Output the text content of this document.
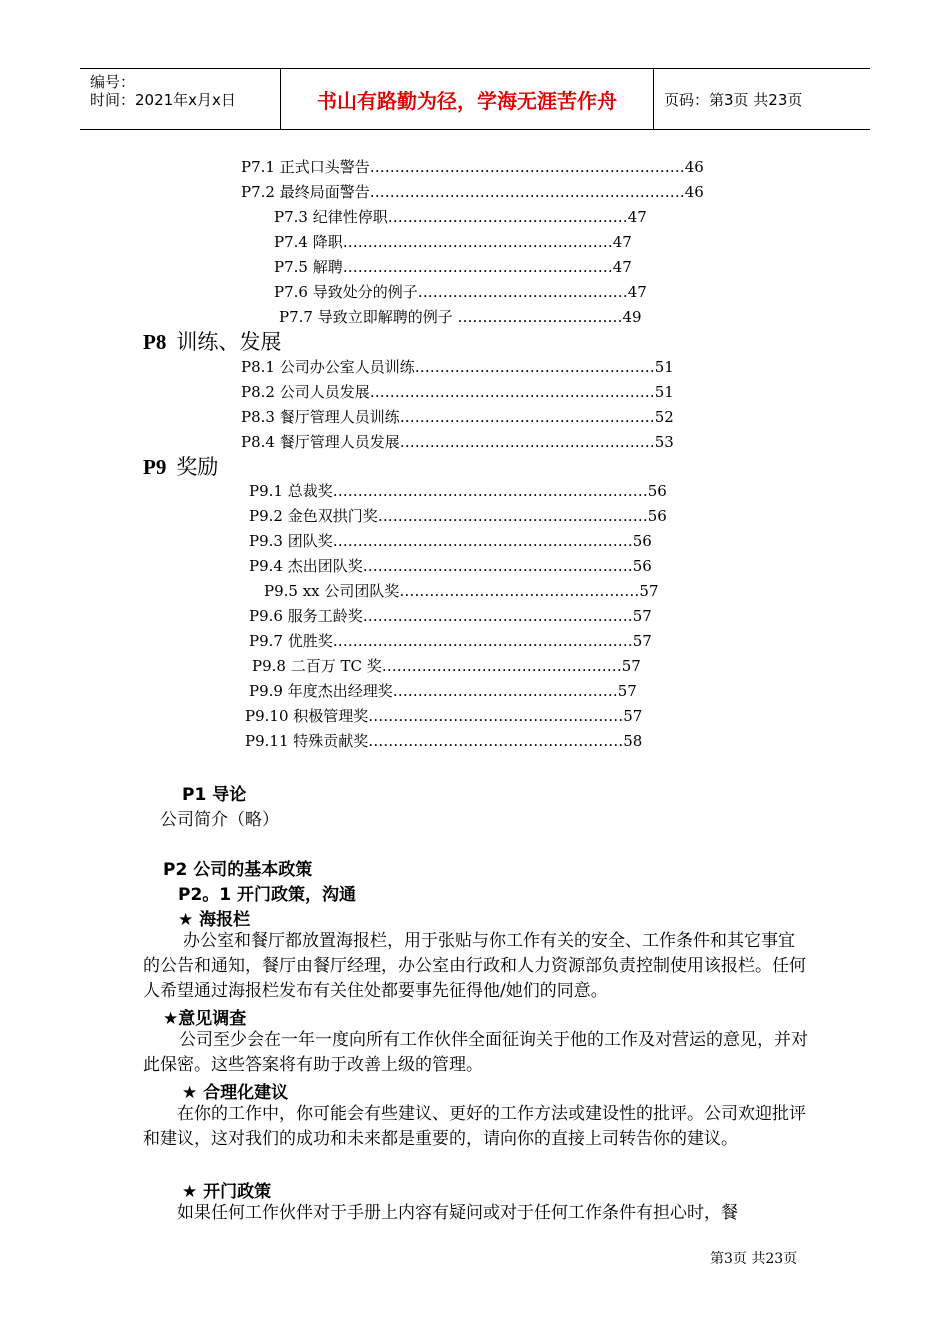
编号：
时间：2021年x月x日	书山有路勤为径，学海无涯苦作舟	页码：第3页 共23页
P7.1 正式口头警告………………………………………………………46
P7.2 最终局面警告………………………………………………………46
P7.3 纪律性停职…………………………………………47
P7.4 降职………………………………………………47
P7.5 解聘………………………………………………47
P7.6 导致处分的例子……………………………………47
P7.7 导致立即解聘的例子 ……………………………49
P8 训练、发展
P8.1 公司办公室人员训练…………………………………………51
P8.2 公司人员发展…………………………………………………51
P8.3 餐厅管理人员训练……………………………………………52
P8.4 餐厅管理人员发展……………………………………………53
P9 奖励
P9.1 总裁奖………………………………………………………56
P9.2 金色双拱门奖………………………………………………56
P9.3 团队奖……………………………………………………56
P9.4 杰出团队奖………………………………………………56
P9.5 xx 公司团队奖…………………………………………57
P9.6 服务工龄奖………………………………………………57
P9.7 优胜奖……………………………………………………57
P9.8 二百万 TC 奖…………………………………………57
P9.9 年度杰出经理奖………………………………………57
P9.10 积极管理奖……………………………………………57
P9.11 特殊贡献奖……………………………………………58
P1 导论
公司简介（略）
P2 公司的基本政策
P2。1 开门政策，沟通
★ 海报栏
办公室和餐厅都放置海报栏，用于张贴与你工作有关的安全、工作条件和其它事宜的公告和通知，餐厅由餐厅经理，办公室由行政和人力资源部负责控制使用该报栏。任何人希望通过海报栏发布有关住处都要事先征得他/她们的同意。
★意见调查
公司至少会在一年一度向所有工作伙伴全面征询关于他的工作及对营运的意见，并对此保密。这些答案将有助于改善上级的管理。
★ 合理化建议
在你的工作中，你可能会有些建议、更好的工作方法或建设性的批评。公司欢迎批评和建议，这对我们的成功和未来都是重要的，请向你的直接上司转告你的建议。
★ 开门政策
如果任何工作伙伴对于手册上内容有疑问或对于任何工作条件有担心时，餐
第3页 共23页
